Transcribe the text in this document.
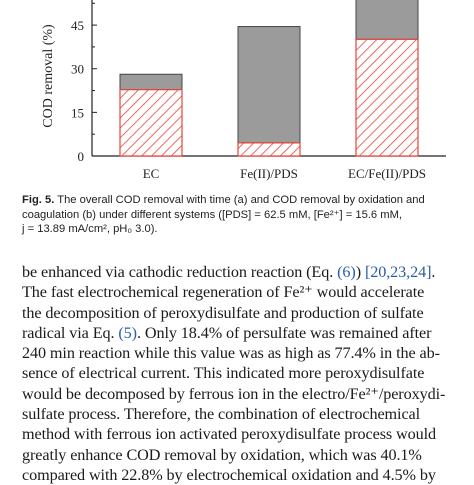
0
15
30
45
EC	Fe(II)/PDS	EC/Fe(II)/PDS
COD removal (%)
Fig. 5. The overall COD removal with time (a) and COD removal by oxidation and
coagulation (b) under different systems ([PDS] = 62.5 mM, [Fe²⁺] = 15.6 mM,
j = 13.89 mA/cm², pH₀ 3.0).
be enhanced via cathodic reduction reaction (Eq. (6)) [20,23,24].
The fast electrochemical regeneration of Fe²⁺ would accelerate
the decomposition of peroxydisulfate and production of sulfate
radical via Eq. (5). Only 18.4% of persulfate was remained after
240 min reaction while this value was as high as 77.4% in the ab-
sence of electrical current. This indicated more peroxydisulfate
would be decomposed by ferrous ion in the electro/Fe²⁺/peroxydi-
sulfate process. Therefore, the combination of electrochemical
method with ferrous ion activated peroxydisulfate process would
greatly enhance COD removal by oxidation, which was 40.1%
compared with 22.8% by electrochemical oxidation and 4.5% by
